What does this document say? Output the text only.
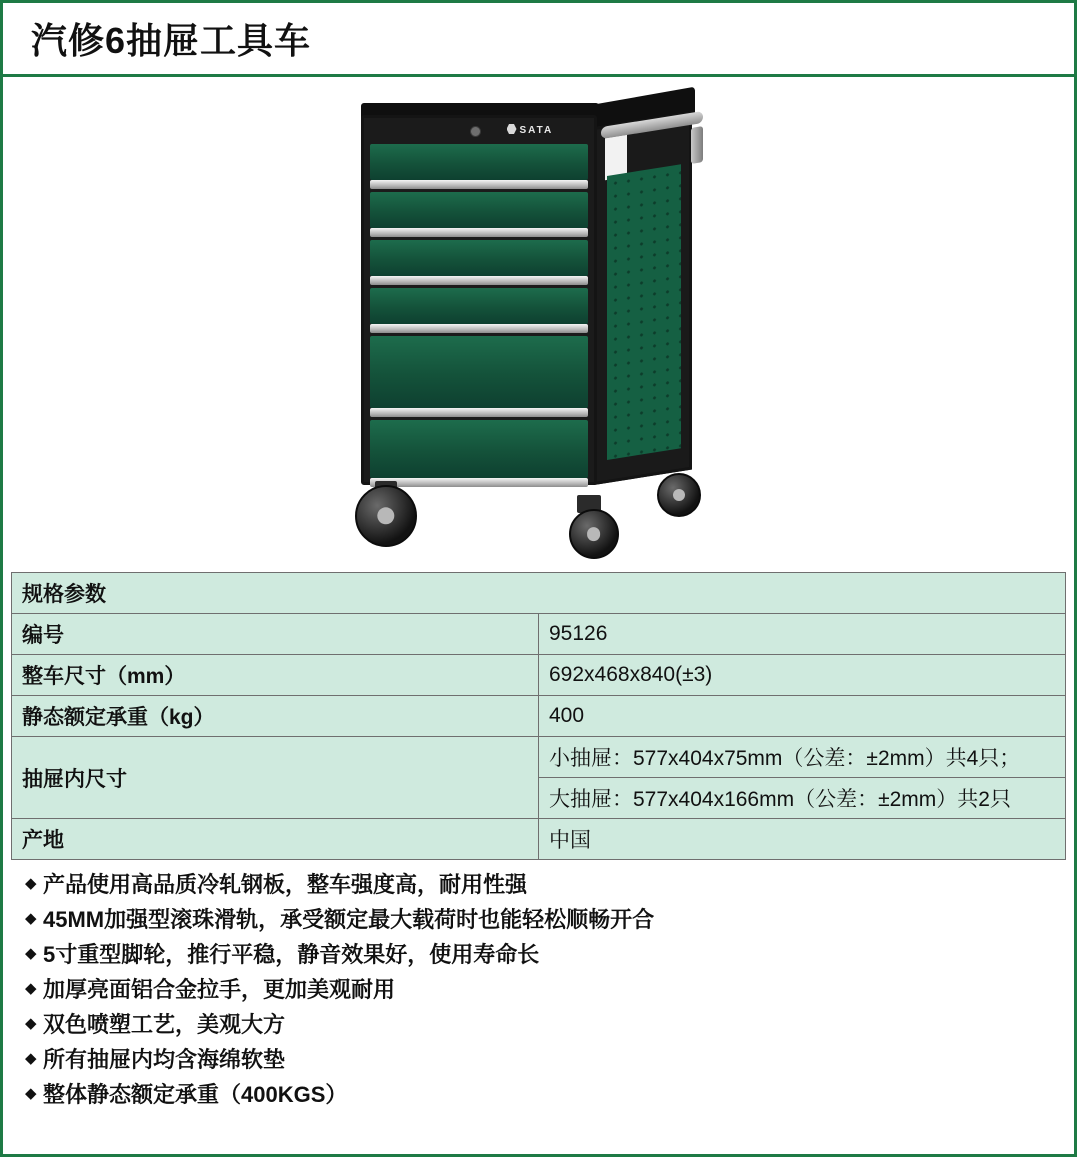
汽修6抽屉工具车
SATA
规格参数	
编号	95126
整车尺寸（mm）	692x468x840(±3)
静态额定承重（kg）	400
抽屉内尺寸	小抽屉：577x404x75mm（公差：±2mm）共4只；
	大抽屉：577x404x166mm（公差：±2mm）共2只
产地	中国
◆ 产品使用高品质冷轧钢板，整车强度高，耐用性强
◆ 45MM加强型滚珠滑轨，承受额定最大载荷时也能轻松顺畅开合
◆ 5寸重型脚轮，推行平稳，静音效果好，使用寿命长
◆ 加厚亮面铝合金拉手，更加美观耐用
◆ 双色喷塑工艺，美观大方
◆ 所有抽屉内均含海绵软垫
◆ 整体静态额定承重（400KGS）
